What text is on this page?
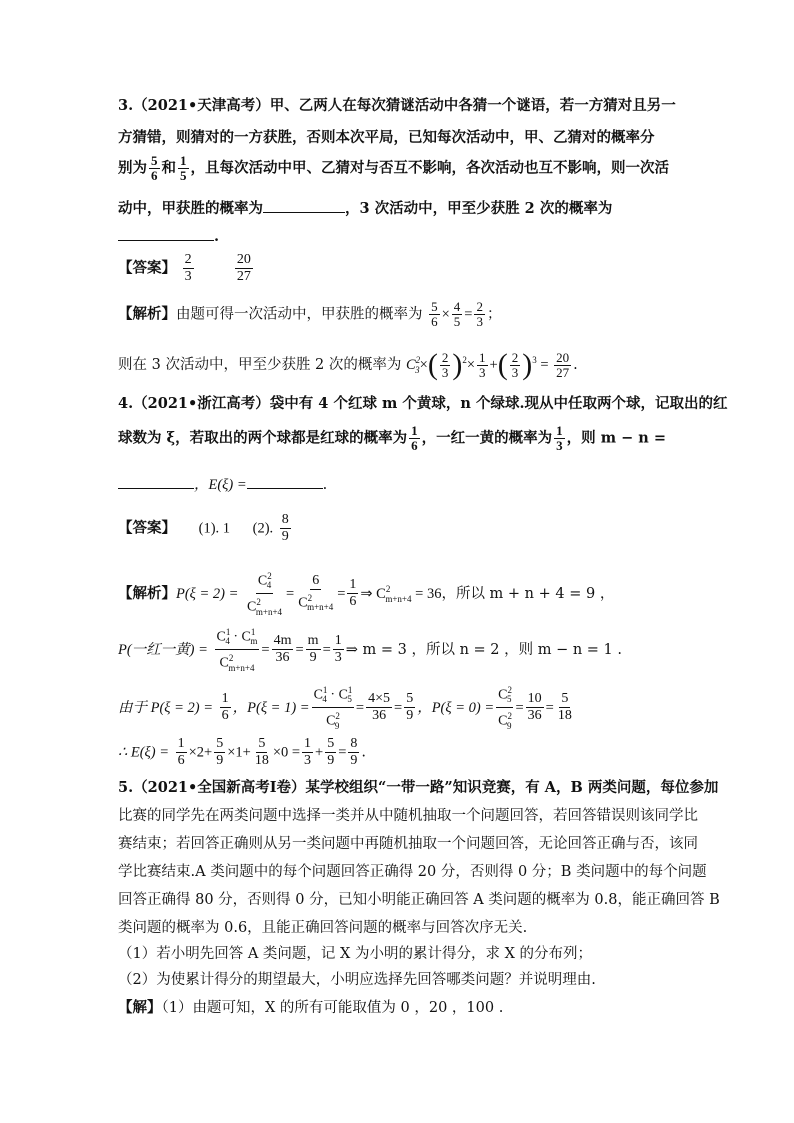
3.（2021•天津高考）甲、乙两人在每次猜谜活动中各猜一个谜语，若一方猜对且另一
方猜错，则猜对的一方获胜，否则本次平局，已知每次活动中，甲、乙猜对的概率分
别为 $\frac{5}{6}$ 和 $\frac{1}{5}$ ，且每次活动中甲、乙猜对与否互不影响，各次活动也互不影响，则一次活
动中，甲获胜的概率为	，3 次活动中，甲至少获胜 2 次的概率为
.
【答案】 $\frac{2}{3}$
	$\frac{20}{27}$
【解析】由题可得一次活动中，甲获胜的概率为 $\frac{5}{6} \times \frac{4}{5} = \frac{2}{3}$ ；
则在 3 次活动中，甲至少获胜 2 次的概率为 $C^2_3\times( \frac{2}{3} )^2\times \frac{1}{3}$ +( $\frac{2}{3} )^3 = \frac{20}{27}$ .
4.（2021•浙江高考）袋中有 4 个红球 m 个黄球，n 个绿球.现从中任取两个球，记取出的红
球数为 ξ，若取出的两个球都是红球的概率为 $\frac{1}{6}$ ，一红一黄的概率为 $\frac{1}{3}$ ，则 m − n =
，E(ξ) =	.
【答案】 (1). 1 (2). $\frac{8}{9}$
【解析】$P(\xi = 2) = \frac{C^2_4}{C^2_{m+n+4}} = \frac{6}{C^2_{m+n+4}} = \frac{1}{6}$ ⇒ $C^2_{m+n+4} = 36$，所以 m + n + 4 = 9 ，
P(一红一黄) = $\frac{C^1_4 \cdot C^1_m}{C^2_{m+n+4}} = \frac{4m}{36} = \frac{m}{9} = \frac{1}{3}$ ⇒ m = 3 ，所以 n = 2 ，则 m − n = 1 .
由于 $P(\xi = 2) = \frac{1}{6}$ ，$P(\xi = 1) = \frac{C^1_4 \cdot C^1_5}{C^2_9} = \frac{4\times 5}{36} = \frac{5}{9}$ ，$P(\xi = 0) = \frac{C^2_5}{C^2_9} = \frac{10}{36} = \frac{5}{18}$
∴ $E(\xi) = \frac{1}{6} \times 2+ \frac{5}{9} \times 1+ \frac{5}{18} \times 0 = \frac{1}{3} + \frac{5}{9} = \frac{8}{9}$ .
5.（2021•全国新高考Ⅰ卷）某学校组织“一带一路”知识竞赛，有 A，B 两类问题，每位参加
比赛的同学先在两类问题中选择一类并从中随机抽取一个问题回答，若回答错误则该同学比
赛结束；若回答正确则从另一类问题中再随机抽取一个问题回答，无论回答正确与否，该同
学比赛结束.A 类问题中的每个问题回答正确得 20 分，否则得 0 分；B 类问题中的每个问题
回答正确得 80 分，否则得 0 分，已知小明能正确回答 A 类问题的概率为 0.8，能正确回答 B
类问题的概率为 0.6，且能正确回答问题的概率与回答次序无关.
（1）若小明先回答 A 类问题，记 X 为小明的累计得分，求 X 的分布列；
（2）为使累计得分的期望最大，小明应选择先回答哪类问题？并说明理由.
【解】（1）由题可知，X 的所有可能取值为 0 ，20 ，100 .
